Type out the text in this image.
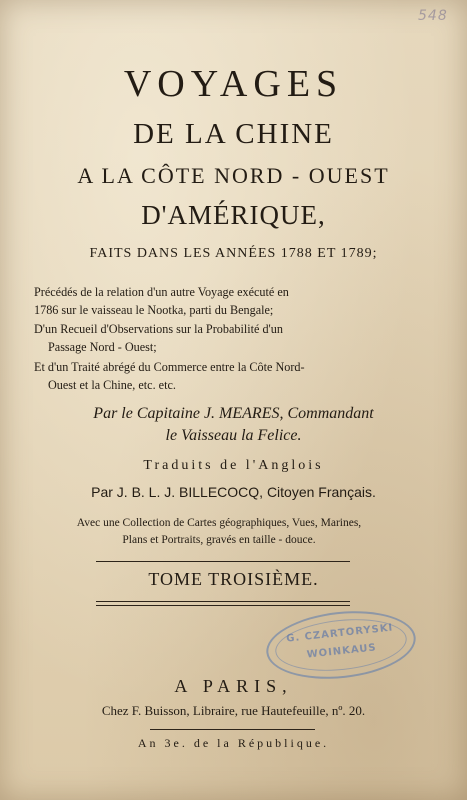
548
VOYAGES
DE LA CHINE
A LA CÔTE NORD - OUEST
D'AMÉRIQUE,
FAITS DANS LES ANNÉES 1788 ET 1789;
Précédés de la relation d'un autre Voyage exécuté en
1786 sur le vaisseau le Nootka, parti du Bengale;
D'un Recueil d'Observations sur la Probabilité d'un
Passage Nord - Ouest;
Et d'un Traité abrégé du Commerce entre la Côte Nord-
Ouest et la Chine, etc. etc.
Par le Capitaine J. MEARES, Commandant
le Vaisseau la Felice.
Traduits de l'Anglois
Par J. B. L. J. BILLECOCQ, Citoyen Français.
Avec une Collection de Cartes géographiques, Vues, Marines,
Plans et Portraits, gravés en taille - douce.
TOME TROISIÈME.
G. CZARTORYSKI
WOINKAUS
A PARIS,
Chez F. Buisson, Libraire, rue Hautefeuille, nº. 20.
An 3e. de la République.
